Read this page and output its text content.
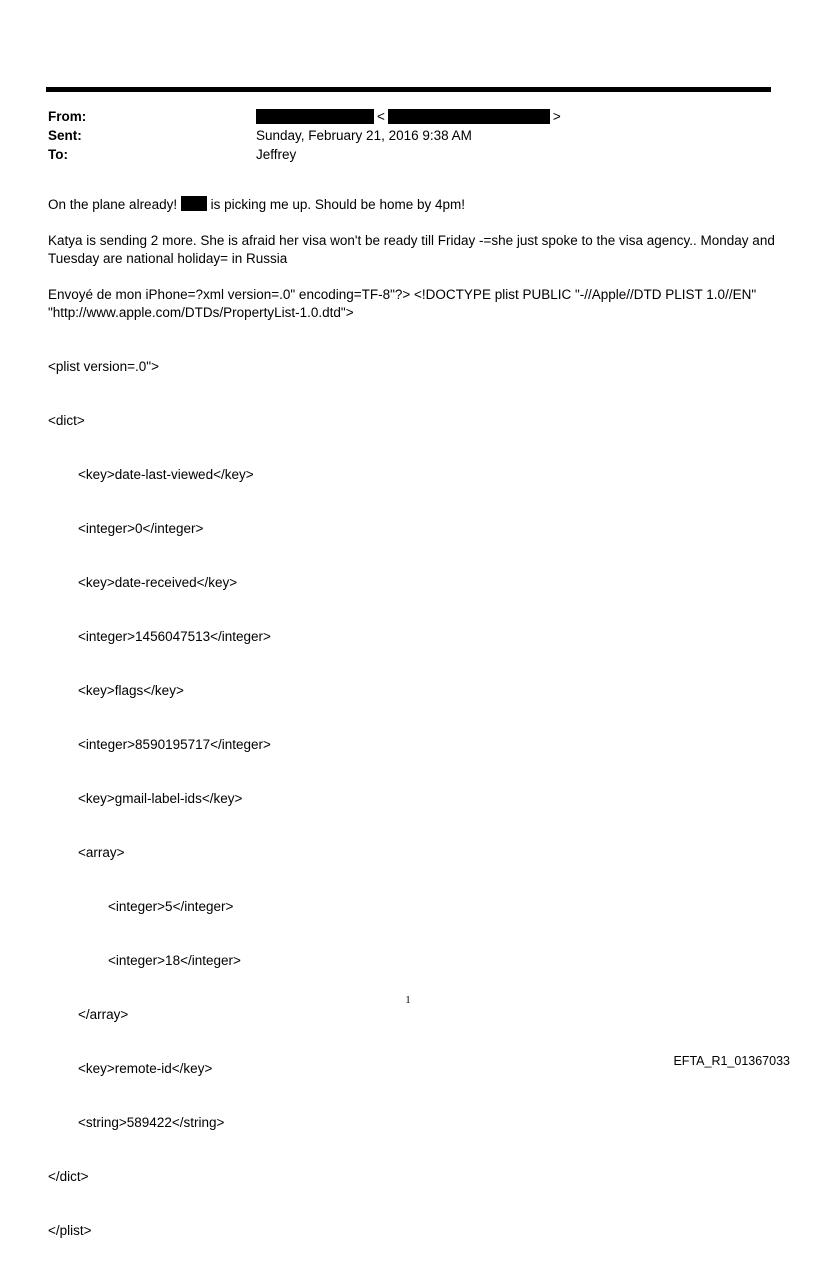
From:	<	>
Sent:	Sunday, February 21, 2016 9:38 AM
To:	Jeffrey

On the plane already!  is picking me up. Should be home by 4pm!

Katya is sending 2 more. She is afraid her visa won't be ready till Friday -=she just spoke to the visa agency.. Monday and Tuesday are national holiday= in Russia

Envoyé de mon iPhone=?xml version=.0" encoding=TF-8"?> <!DOCTYPE plist PUBLIC "-//Apple//DTD PLIST 1.0//EN" "http://www.apple.com/DTDs/PropertyList-1.0.dtd">

<plist version=.0">

<dict>

<key>date-last-viewed</key>

<integer>0</integer>

<key>date-received</key>

<integer>1456047513</integer>

<key>flags</key>

<integer>8590195717</integer>

<key>gmail-label-ids</key>

<array>

<integer>5</integer>

<integer>18</integer>

</array>

<key>remote-id</key>

<string>589422</string>

</dict>

</plist>

1
EFTA_R1_01367033
